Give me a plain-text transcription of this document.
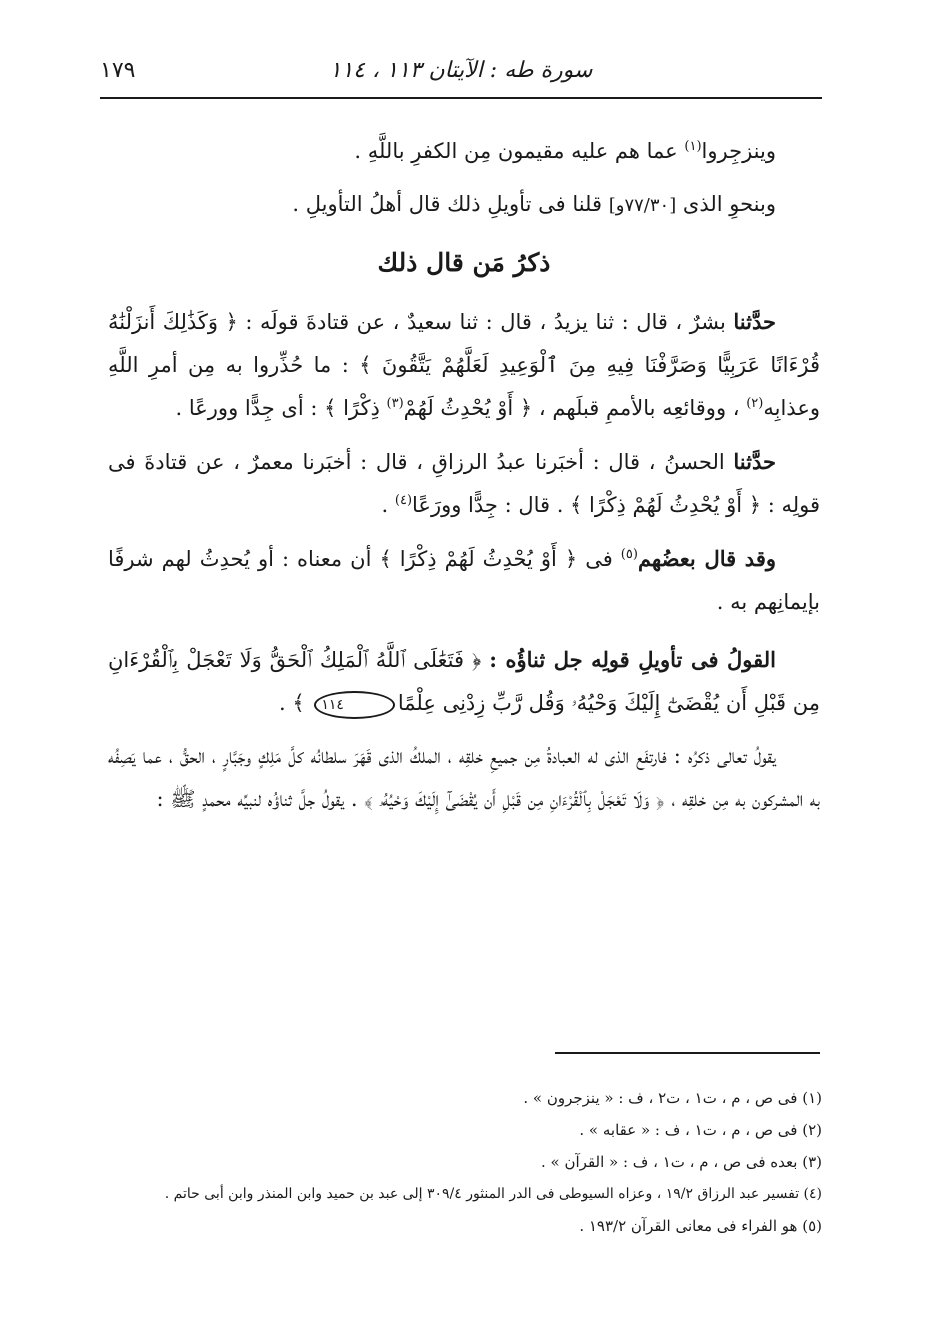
سورة طه : الآيتان ١١٣ ، ١١٤
١٧٩

وينزجِروا$^{(١)}$ عما هم عليه مقيمون مِن الكفرِ باللَّهِ .

وبنحوِ الذى [٧٧/٣٠و] قلنا فى تأويلِ ذلك قال أهلُ التأويلِ .

ذكرُ مَن قال ذلك

حدَّثنا بشرٌ ، قال : ثنا يزيدُ ، قال : ثنا سعيدٌ ، عن قتادةَ قولَه : ﴿ وَكَذَٰلِكَ أَنزَلْنَٰهُ قُرْءَانًا عَرَبِيًّا وَصَرَّفْنَا فِيهِ مِنَ ٱلْوَعِيدِ لَعَلَّهُمْ يَتَّقُونَ ﴾ : ما حُذِّروا به مِن أمرِ اللَّهِ وعذابِه$^{(٢)}$ ، ووقائعِه بالأممِ قبلَهم ، ﴿ أَوْ يُحْدِثُ لَهُمْ$^{(٣)}$ ذِكْرًا ﴾ : أى جِدًّا وورعًا .

حدَّثنا الحسنُ ، قال : أخبَرنا عبدُ الرزاقِ ، قال : أخبَرنا معمرٌ ، عن قتادةَ فى قولِه : ﴿ أَوْ يُحْدِثُ لَهُمْ ذِكْرًا ﴾ . قال : جِدًّا وورَعًا$^{(٤)}$ .

وقد قال بعضُهم$^{(٥)}$ فى ﴿ أَوْ يُحْدِثُ لَهُمْ ذِكْرًا ﴾ أن معناه : أو يُحدِثُ لهم شرفًا بإيمانِهم به .

القولُ فى تأويلِ قولِه جل ثناؤُه : ﴿ فَتَعَٰلَى ٱللَّهُ ٱلْمَلِكُ ٱلْحَقُّ وَلَا تَعْجَلْ بِٱلْقُرْءَانِ مِن قَبْلِ أَن يُقْضَىٰٓ إِلَيْكَ وَحْيُهُۥ وَقُل رَّبِّ زِدْنِى عِلْمًا١١٤ ﴾ .

يقولُ تعالى ذكرُه : فارتفَع الذى له العبادةُ مِن جميعِ خلقِه ، الملكُ الذى قَهَرَ سلطانُه كلَّ مَلِكٍ وجَبَّارٍ ، الحقُّ ، عما يَصِفُه به المشركون به مِن خلقِه ، ﴿ وَلَا تَعْجَلْ بِٱلْقُرْءَانِ مِن قَبْلِ أَن يُقْضَىٰٓ إِلَيْكَ وَحْيُهُۥ ﴾ . يقولُ جلَّ ثناؤُه لنبيِّه محمدٍ ﷺ :

(١) فى ص ، م ، ت١ ، ت٢ ، ف : « ينزجرون » .

(٢) فى ص ، م ، ت١ ، ف : « عقابه » .

(٣) بعده فى ص ، م ، ت١ ، ف : « القرآن » .

(٤) تفسير عبد الرزاق ١٩/٢ ، وعزاه السيوطى فى الدر المنثور ٣٠٩/٤ إلى عبد بن حميد وابن المنذر وابن أبى حاتم .

(٥) هو الفراء فى معانى القرآن ١٩٣/٢ .
